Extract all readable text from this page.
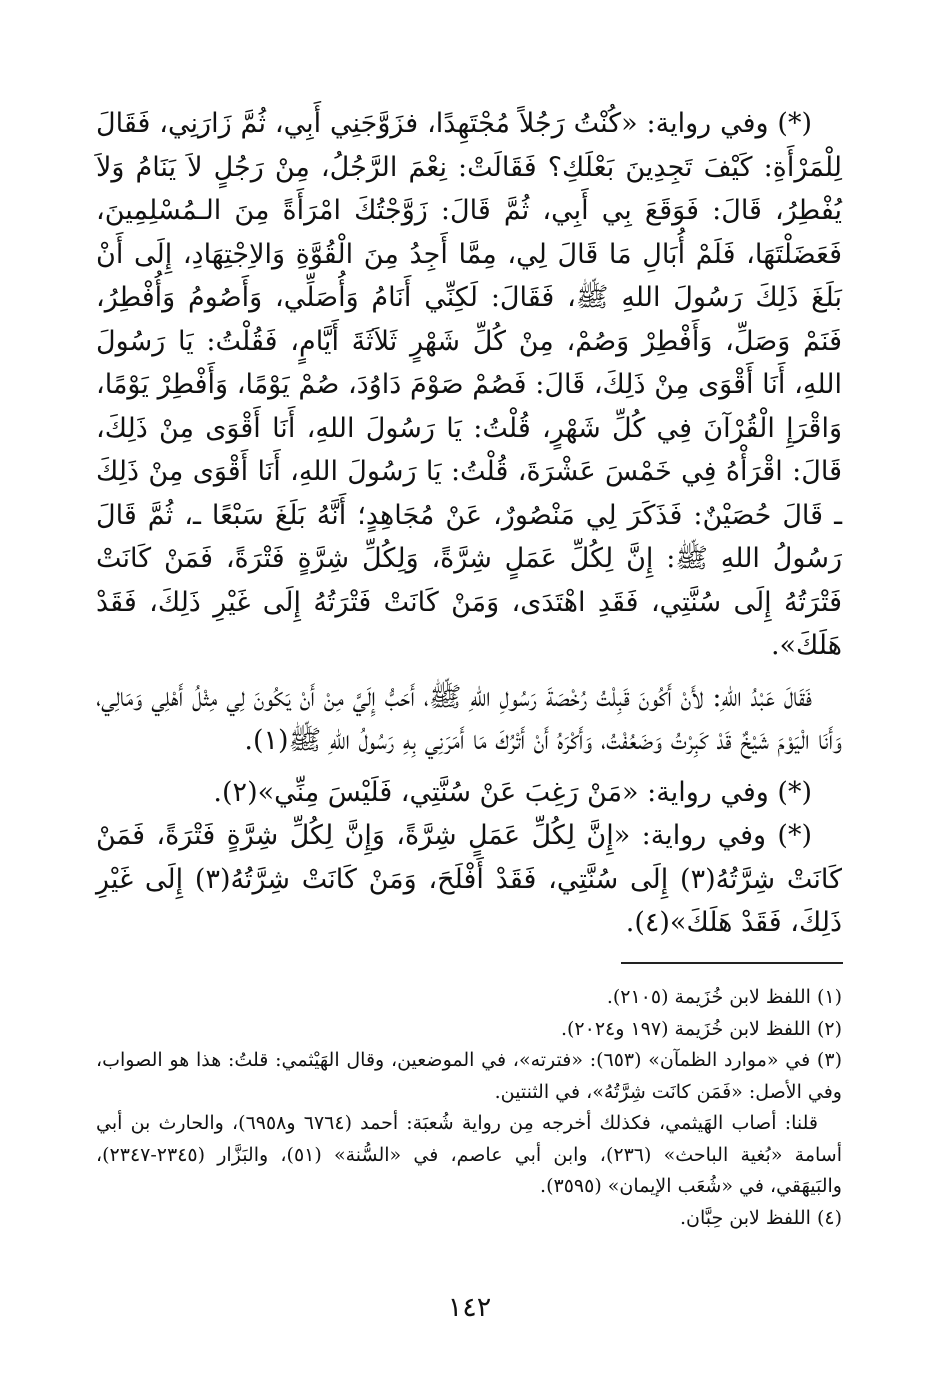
(*) وفي رواية: «كُنْتُ رَجُلاً مُجْتَهِدًا، فزَوَّجَنِي أَبِي، ثُمَّ زَارَنِي، فَقَالَ لِلْمَرْأَةِ: كَيْفَ تَجِدِينَ بَعْلَكِ؟ فَقَالَتْ: نِعْمَ الرَّجُلُ، مِنْ رَجُلٍ لاَ يَنَامُ وَلاَ يُفْطِرُ، قَالَ: فَوَقَعَ بِي أَبِي، ثُمَّ قَالَ: زَوَّجْتُكَ امْرَأَةً مِنَ الـمُسْلِمِينَ، فَعَضَلْتَهَا، فَلَمْ أُبَالِ مَا قَالَ لِي، مِمَّا أَجِدُ مِنَ الْقُوَّةِ وَالاِجْتِهَادِ، إِلَى أَنْ بَلَغَ ذَلِكَ رَسُولَ اللهِ ﷺ، فَقَالَ: لَكِنِّي أَنَامُ وَأُصَلِّي، وَأَصُومُ وَأُفْطِرُ، فَنَمْ وَصَلِّ، وَأَفْطِرْ وَصُمْ، مِنْ كُلِّ شَهْرٍ ثَلاَثَةَ أَيَّامٍ، فَقُلْتُ: يَا رَسُولَ اللهِ، أَنَا أَقْوَى مِنْ ذَلِكَ، قَالَ: فَصُمْ صَوْمَ دَاوُدَ، صُمْ يَوْمًا، وَأَفْطِرْ يَوْمًا، وَاقْرَإِ الْقُرْآنَ فِي كُلِّ شَهْرٍ، قُلْتُ: يَا رَسُولَ اللهِ، أَنَا أَقْوَى مِنْ ذَلِكَ، قَالَ: اقْرَأْهُ فِي خَمْسَ عَشْرَةَ، قُلْتُ: يَا رَسُولَ اللهِ، أَنَا أَقْوَى مِنْ ذَلِكَ ـ قَالَ حُصَيْنٌ: فَذَكَرَ لِي مَنْصُورٌ، عَنْ مُجَاهِدٍ؛ أَنَّهُ بَلَغَ سَبْعًا ـ، ثُمَّ قَالَ رَسُولُ اللهِ ﷺ: إِنَّ لِكُلِّ عَمَلٍ شِرَّةً، وَلِكُلِّ شِرَّةٍ فَتْرَةً، فَمَنْ كَانَتْ فَتْرَتُهُ إِلَى سُنَّتِي، فَقَدِ اهْتَدَى، وَمَنْ كَانَتْ فَتْرَتُهُ إِلَى غَيْرِ ذَلِكَ، فَقَدْ هَلَكَ».

فَقَالَ عَبْدُ اللهِ: لأَنْ أَكُونَ قَبِلْتُ رُخْصَةَ رَسُولِ اللهِ ﷺ، أَحَبُّ إِلَيَّ مِنْ أَنْ يَكُونَ لِي مِثْلُ أَهْلِي وَمَالِي، وَأَنَا الْيَوْمَ شَيْخٌ قَدْ كَبِرْتُ وَضَعُفْتُ، وَأَكْرَهُ أَنْ أَتْرُكَ مَا أَمَرَنِي بِهِ رَسُولُ اللهِ ﷺ(١).

(*) وفي رواية: «مَنْ رَغِبَ عَنْ سُنَّتِي، فَلَيْسَ مِنِّي»(٢).

(*) وفي رواية: «إِنَّ لِكُلِّ عَمَلٍ شِرَّةً، وَإِنَّ لِكُلِّ شِرَّةٍ فَتْرَةً، فَمَنْ كَانَتْ شِرَّتُهُ(٣) إِلَى سُنَّتِي، فَقَدْ أَفْلَحَ، وَمَنْ كَانَتْ شِرَّتُهُ(٣) إِلَى غَيْرِ ذَلِكَ، فَقَدْ هَلَكَ»(٤).

(١) اللفظ لابن خُزَيمة (٢١٠٥).

(٢) اللفظ لابن خُزَيمة (١٩٧ و٢٠٢٤).

(٣) في «موارد الظمآن» (٦٥٣): «فترته»، في الموضعين، وقال الهَيْثمي: قلتُ: هذا هو الصواب، وفي الأصل: «فَمَن كانَت شِرَّتُهُ»، في الثنتين.

قلنا: أصاب الهَيثمي، فكذلك أخرجه مِن رواية شُعبَة: أحمد (٦٧٦٤ و٦٩٥٨)، والحارث بن أبي أسامة «بُغية الباحث» (٢٣٦)، وابن أبي عاصم، في «السُّنة» (٥١)، والبَزَّار (٢٣٤٥-٢٣٤٧)، والبَيهَقي، في «شُعَب الإيمان» (٣٥٩٥).

(٤) اللفظ لابن حِبَّان.

١٤٢
